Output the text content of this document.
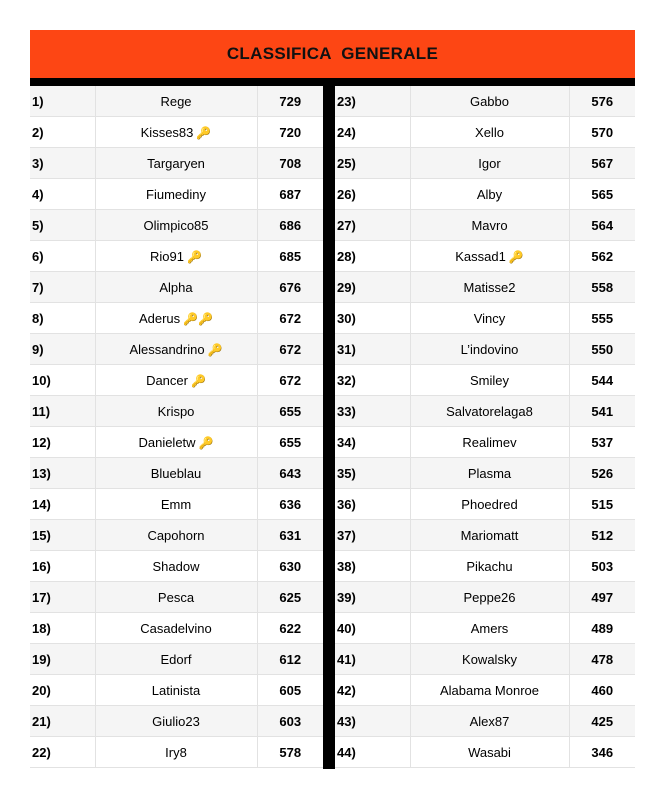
CLASSIFICA  GENERALE
1)	Rege	729
2)	Kisses83 🔑	720
3)	Targaryen	708
4)	Fiumediny	687
5)	Olimpico85	686
6)	Rio91 🔑	685
7)	Alpha	676
8)	Aderus 🔑🔑	672
9)	Alessandrino 🔑	672
10)	Dancer 🔑	672
11)	Krispo	655
12)	Danieletw 🔑	655
13)	Blueblau	643
14)	Emm	636
15)	Capohorn	631
16)	Shadow	630
17)	Pesca	625
18)	Casadelvino	622
19)	Edorf	612
20)	Latinista	605
21)	Giulio23	603
22)	Iry8	578
23)	Gabbo	576
24)	Xello	570
25)	Igor	567
26)	Alby	565
27)	Mavro	564
28)	Kassad1 🔑	562
29)	Matisse2	558
30)	Vincy	555
31)	L’indovino	550
32)	Smiley	544
33)	Salvatorelaga8	541
34)	Realimev	537
35)	Plasma	526
36)	Phoedred	515
37)	Mariomatt	512
38)	Pikachu	503
39)	Peppe26	497
40)	Amers	489
41)	Kowalsky	478
42)	Alabama Monroe	460
43)	Alex87	425
44)	Wasabi	346
